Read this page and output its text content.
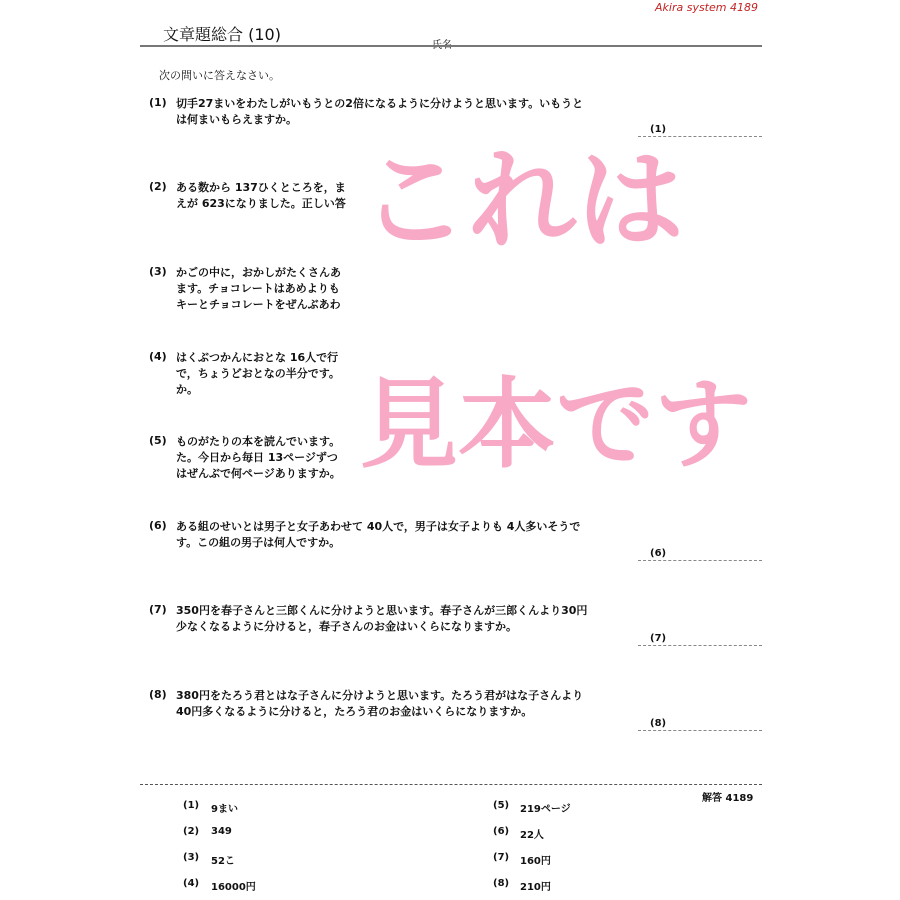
Akira system 4189
文章題総合 (10)
次の問いに答えなさい。
(1) 切手27まいをわたしがいもうとの2倍になるように分けようと思います。いもうと
は何まいもらえますか。
(1)
(2) ある数から 137ひくところを，ま
えが 623になりました。正しい答
(3) かごの中に，おかしがたくさんあ
ます。チョコレートはあめよりも
キーとチョコレートをぜんぶあわ
(4) はくぶつかんにおとな 16人で行
で，ちょうどおとなの半分です。
か。
(5) ものがたりの本を読んでいます。
た。今日から毎日 13ページずつ
はぜんぶで何ページありますか。
(6) ある組のせいとは男子と女子あわせて 40人で，男子は女子よりも 4人多いそうで
す。この組の男子は何人ですか。
(6)
(7) 350円を春子さんと三郎くんに分けようと思います。春子さんが三郎くんより30円
少なくなるように分けると，春子さんのお金はいくらになりますか。
(7)
(8) 380円をたろう君とはな子さんに分けようと思います。たろう君がはな子さんより
40円多くなるように分けると，たろう君のお金はいくらになりますか。
(8)
これは
見本です
解答 4189
(1) 9まい
(2) 349
(3) 52こ
(4) 16000円
(5) 219ページ
(6) 22人
(7) 160円
(8) 210円
